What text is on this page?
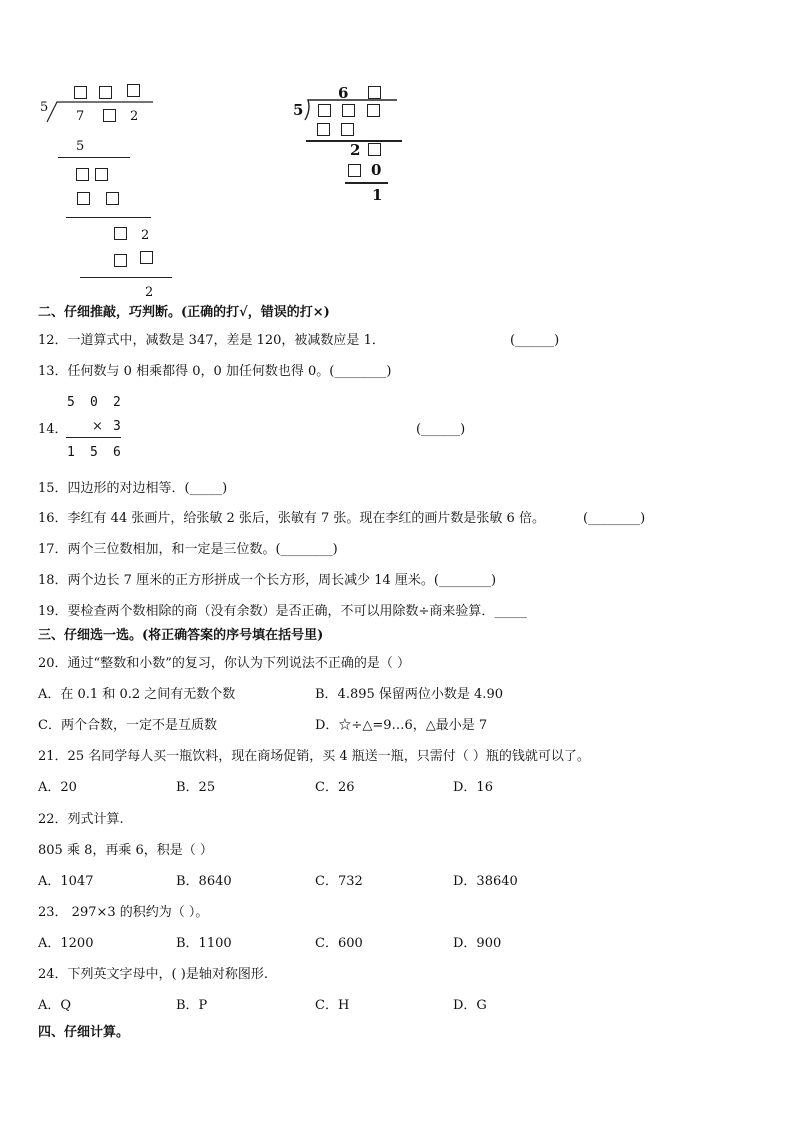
5
7	2
5
2
2
6
5
2
0
1
二、仔细推敲，巧判断。(正确的打√，错误的打×)
12．一道算式中，减数是 347，差是 120，被减数应是 1．	(______)
13．任何数与 0 相乘都得 0，0 加任何数也得 0。(________)
5 0 2
14． × 3
1 5 6
(______)
15．四边形的对边相等．(_____)
16．李红有 44 张画片，给张敏 2 张后，张敏有 7 张。现在李红的画片数是张敏 6 倍。	(________)
17．两个三位数相加，和一定是三位数。(________)
18．两个边长 7 厘米的正方形拼成一个长方形，周长减少 14 厘米。(________)
19．要检查两个数相除的商（没有余数）是否正确，不可以用除数÷商来验算．_____
三、仔细选一选。(将正确答案的序号填在括号里)
20．通过“整数和小数”的复习，你认为下列说法不正确的是（ ）
A．在 0.1 和 0.2 之间有无数个数	B．4.895 保留两位小数是 4.90
C．两个合数，一定不是互质数	D．☆÷△=9…6，△最小是 7
21．25 名同学每人买一瓶饮料，现在商场促销，买 4 瓶送一瓶，只需付（ ）瓶的钱就可以了。
A．20	B．25	C．26	D．16
22．列式计算.
805 乘 8，再乘 6，积是（ ）
A．1047	B．8640	C．732	D．38640
23． 297×3 的积约为（ ）。
A．1200	B．1100	C．600	D．900
24．下列英文字母中，( )是轴对称图形.
A．Q	B．P	C．H	D．G
四、仔细计算。
